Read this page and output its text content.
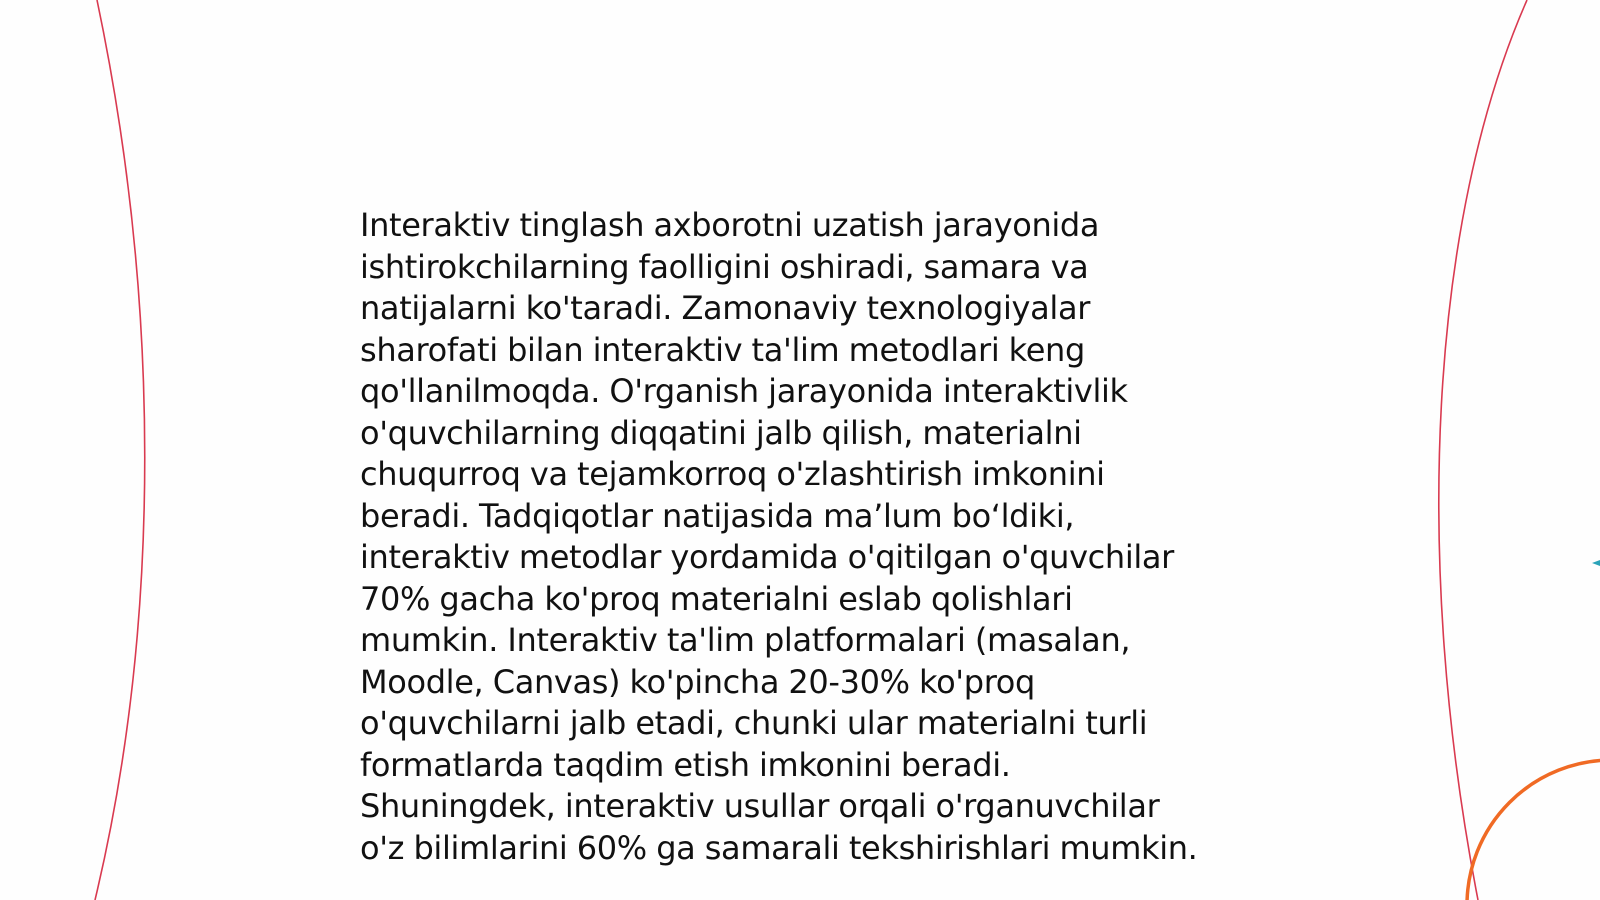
Interaktiv tinglash axborotni uzatish jarayonida
ishtirokchilarning faolligini oshiradi, samara va
natijalarni ko'taradi. Zamonaviy texnologiyalar
sharofati bilan interaktiv ta'lim metodlari keng
qo'llanilmoqda. O'rganish jarayonida interaktivlik
o'quvchilarning diqqatini jalb qilish, materialni
chuqurroq va tejamkorroq o'zlashtirish imkonini
beradi. Tadqiqotlar natijasida maʼlum boʻldiki,
interaktiv metodlar yordamida o'qitilgan o'quvchilar
70% gacha ko'proq materialni eslab qolishlari
mumkin. Interaktiv ta'lim platformalari (masalan,
Moodle, Canvas) ko'pincha 20-30% ko'proq
o'quvchilarni jalb etadi, chunki ular materialni turli
formatlarda taqdim etish imkonini beradi.
Shuningdek, interaktiv usullar orqali o'rganuvchilar
o'z bilimlarini 60% ga samarali tekshirishlari mumkin.
